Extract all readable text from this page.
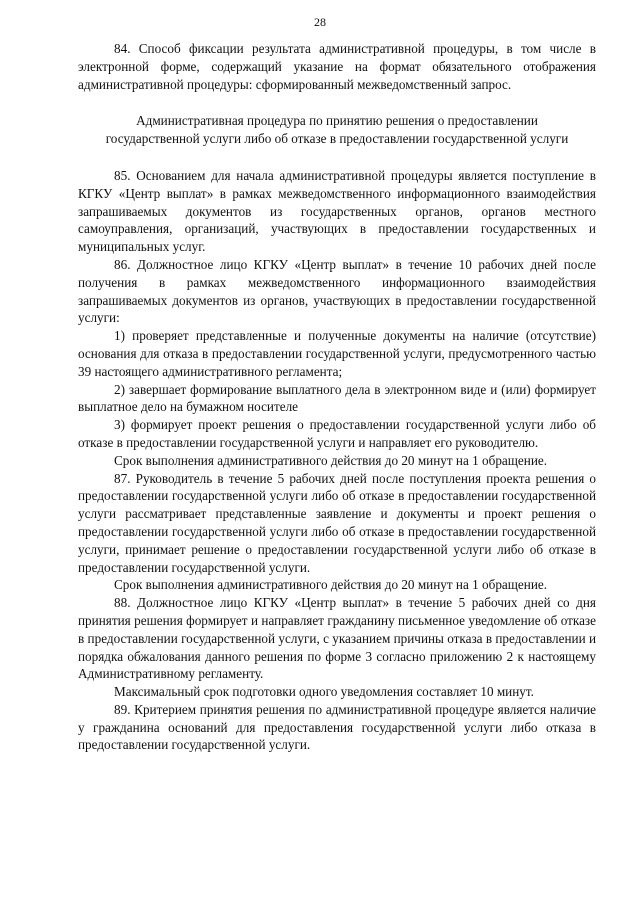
28

84. Способ фиксации результата административной процедуры, в том числе в электронной форме, содержащий указание на формат обязательного отображения административной процедуры: сформированный межведомственный запрос.

Административная процедура по принятию решения о предоставлении государственной услуги либо об отказе в предоставлении государственной услуги

85. Основанием для начала административной процедуры является поступление в КГКУ «Центр выплат» в рамках межведомственного информационного взаимодействия запрашиваемых документов из государственных органов, органов местного самоуправления, организаций, участвующих в предоставлении государственных и муниципальных услуг.

86. Должностное лицо КГКУ «Центр выплат» в течение 10 рабочих дней после получения в рамках межведомственного информационного взаимодействия запрашиваемых документов из органов, участвующих в предоставлении государственной услуги:

1) проверяет представленные и полученные документы на наличие (отсутствие) основания для отказа в предоставлении государственной услуги, предусмотренного частью 39 настоящего административного регламента;

2) завершает формирование выплатного дела в электронном виде и (или) формирует выплатное дело на бумажном носителе

3) формирует проект решения о предоставлении государственной услуги либо об отказе в предоставлении государственной услуги и направляет его руководителю.

Срок выполнения административного действия до 20 минут на 1 обращение.

87. Руководитель в течение 5 рабочих дней после поступления проекта решения о предоставлении государственной услуги либо об отказе в предоставлении государственной услуги рассматривает представленные заявление и документы и проект решения о предоставлении государственной услуги либо об отказе в предоставлении государственной услуги, принимает решение о предоставлении государственной услуги либо об отказе в предоставлении государственной услуги.

Срок выполнения административного действия до 20 минут на 1 обращение.

88. Должностное лицо КГКУ «Центр выплат» в течение 5 рабочих дней со дня принятия решения формирует и направляет гражданину письменное уведомление об отказе в предоставлении государственной услуги, с указанием причины отказа в предоставлении и порядка обжалования данного решения по форме 3 согласно приложению 2 к настоящему Административному регламенту.

Максимальный срок подготовки одного уведомления составляет 10 минут.

89. Критерием принятия решения по административной процедуре является наличие у гражданина оснований для предоставления государственной услуги либо отказа в предоставлении государственной услуги.
